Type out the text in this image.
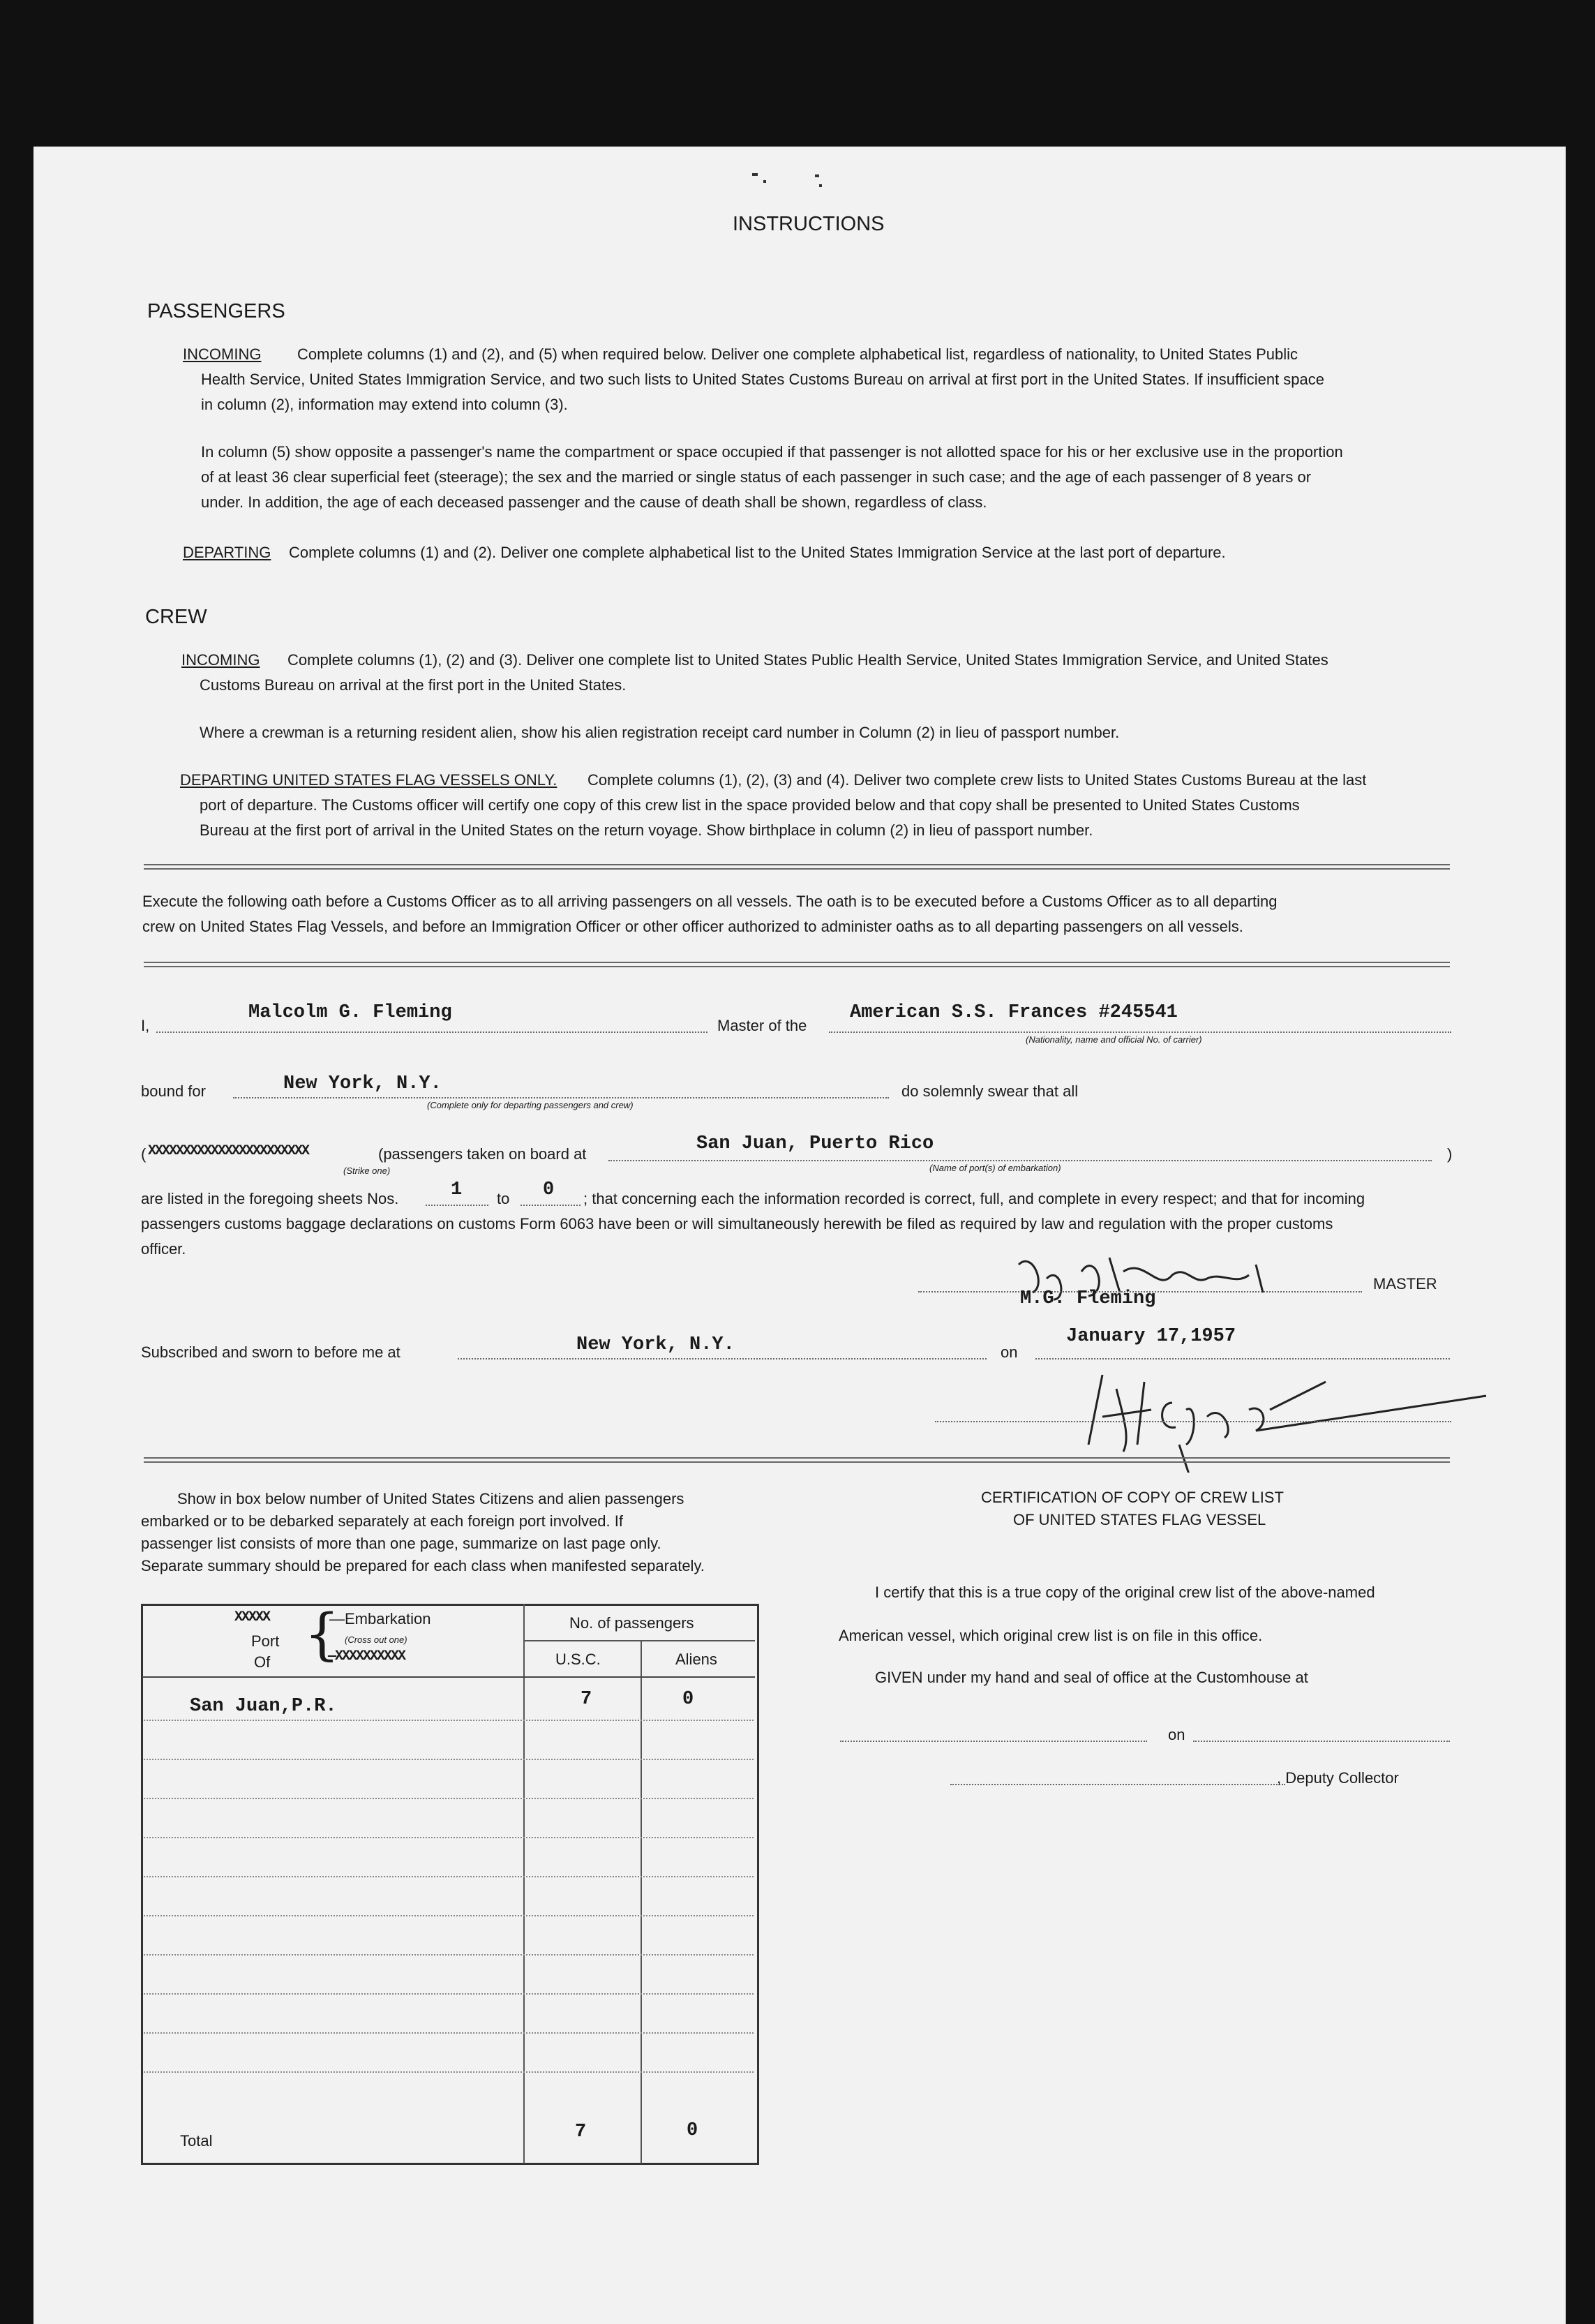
INSTRUCTIONS
PASSENGERS
INCOMING Complete columns (1) and (2), and (5) when required below. Deliver one complete alphabetical list, regardless of nationality, to United States Public
Health Service, United States Immigration Service, and two such lists to United States Customs Bureau on arrival at first port in the United States. If insufficient space
in column (2), information may extend into column (3).
In column (5) show opposite a passenger's name the compartment or space occupied if that passenger is not allotted space for his or her exclusive use in the proportion
of at least 36 clear superficial feet (steerage); the sex and the married or single status of each passenger in such case; and the age of each passenger of 8 years or
under. In addition, the age of each deceased passenger and the cause of death shall be shown, regardless of class.
DEPARTING Complete columns (1) and (2). Deliver one complete alphabetical list to the United States Immigration Service at the last port of departure.
CREW
INCOMING Complete columns (1), (2) and (3). Deliver one complete list to United States Public Health Service, United States Immigration Service, and United States
Customs Bureau on arrival at the first port in the United States.
Where a crewman is a returning resident alien, show his alien registration receipt card number in Column (2) in lieu of passport number.
DEPARTING UNITED STATES FLAG VESSELS ONLY. Complete columns (1), (2), (3) and (4). Deliver two complete crew lists to United States Customs Bureau at the last
port of departure. The Customs officer will certify one copy of this crew list in the space provided below and that copy shall be presented to United States Customs
Bureau at the first port of arrival in the United States on the return voyage. Show birthplace in column (2) in lieu of passport number.
Execute the following oath before a Customs Officer as to all arriving passengers on all vessels. The oath is to be executed before a Customs Officer as to all departing
crew on United States Flag Vessels, and before an Immigration Officer or other officer authorized to administer oaths as to all departing passengers on all vessels.
I,
Malcolm G. Fleming
Master of the
American S.S. Frances #245541
(Nationality, name and official No. of carrier)
bound for	New York, N.Y.
(Complete only for departing passengers and crew)
do solemnly swear that all
( XXXXXXXXXXXXXXXXXXXXXXX	(passengers taken on board at
(Strike one)
San Juan, Puerto Rico
(Name of port(s) of embarkation)
)
are listed in the foregoing sheets Nos.	1 to 0 ; that concerning each the information recorded is correct, full, and complete in every respect; and that for incoming
passengers customs baggage declarations on customs Form 6063 have been or will simultaneously herewith be filed as required by law and regulation with the proper customs
officer.
M.G. Fleming
MASTER
Subscribed and sworn to before me at	New York, N.Y.	on
January 17,1957
Show in box below number of United States Citizens and alien passengers
embarked or to be debarked separately at each foreign port involved. If
passenger list consists of more than one page, summarize on last page only.
Separate summary should be prepared for each class when manifested separately.
XXXXX
Port
Of {
—Embarkation
(Cross out one)
—XXXXXXXXXX
No. of passengers
U.S.C.	Aliens
San Juan,P.R.	7	0
Total	7	0
CERTIFICATION OF COPY OF CREW LIST
OF UNITED STATES FLAG VESSEL
I certify that this is a true copy of the original crew list of the above-named
American vessel, which original crew list is on file in this office.
GIVEN under my hand and seal of office at the Customhouse at
on
, Deputy Collector
